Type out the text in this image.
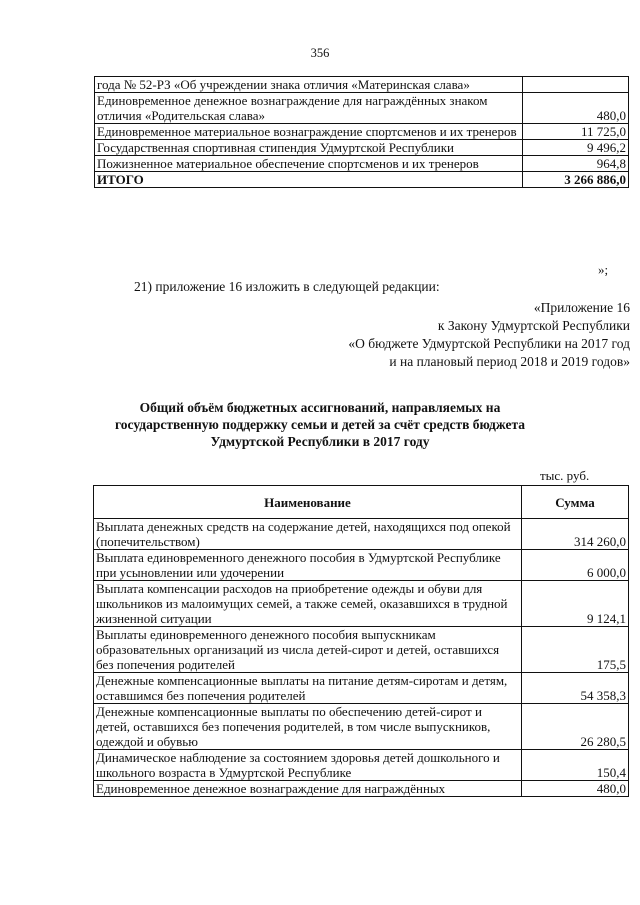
356
года № 52-РЗ «Об учреждении знака отличия «Материнская слава»	
Единовременное денежное вознаграждение для награждённых знаком отличия «Родительская слава»	480,0
Единовременное материальное вознаграждение спортсменов и их тренеров	11 725,0
Государственная спортивная стипендия Удмуртской Республики	9 496,2
Пожизненное материальное обеспечение спортсменов и их тренеров	964,8
ИТОГО	3 266 886,0
»;
21) приложение 16 изложить в следующей редакции:
«Приложение 16
к Закону Удмуртской Республики
«О бюджете Удмуртской Республики на 2017 год
и на плановый период 2018 и 2019 годов»
Общий объём бюджетных ассигнований, направляемых на государственную поддержку семьи и детей за счёт средств бюджета Удмуртской Республики в 2017 году
тыс. руб.
Наименование	Сумма
Выплата денежных средств на содержание детей, находящихся под опекой (попечительством)	314 260,0
Выплата единовременного денежного пособия в Удмуртской Республике при усыновлении или удочерении	6 000,0
Выплата компенсации расходов на приобретение одежды и обуви для школьников из малоимущих семей, а также семей, оказавшихся в трудной жизненной ситуации	9 124,1
Выплаты единовременного денежного пособия выпускникам образовательных организаций из числа детей-сирот и детей, оставшихся без попечения родителей	175,5
Денежные компенсационные выплаты на питание детям-сиротам и детям, оставшимся без попечения родителей	54 358,3
Денежные компенсационные выплаты по обеспечению детей-сирот и детей, оставшихся без попечения родителей, в том числе выпускников, одеждой и обувью	26 280,5
Динамическое наблюдение за состоянием здоровья детей дошкольного и школьного возраста в Удмуртской Республике	150,4
Единовременное денежное вознаграждение для награждённых	480,0
